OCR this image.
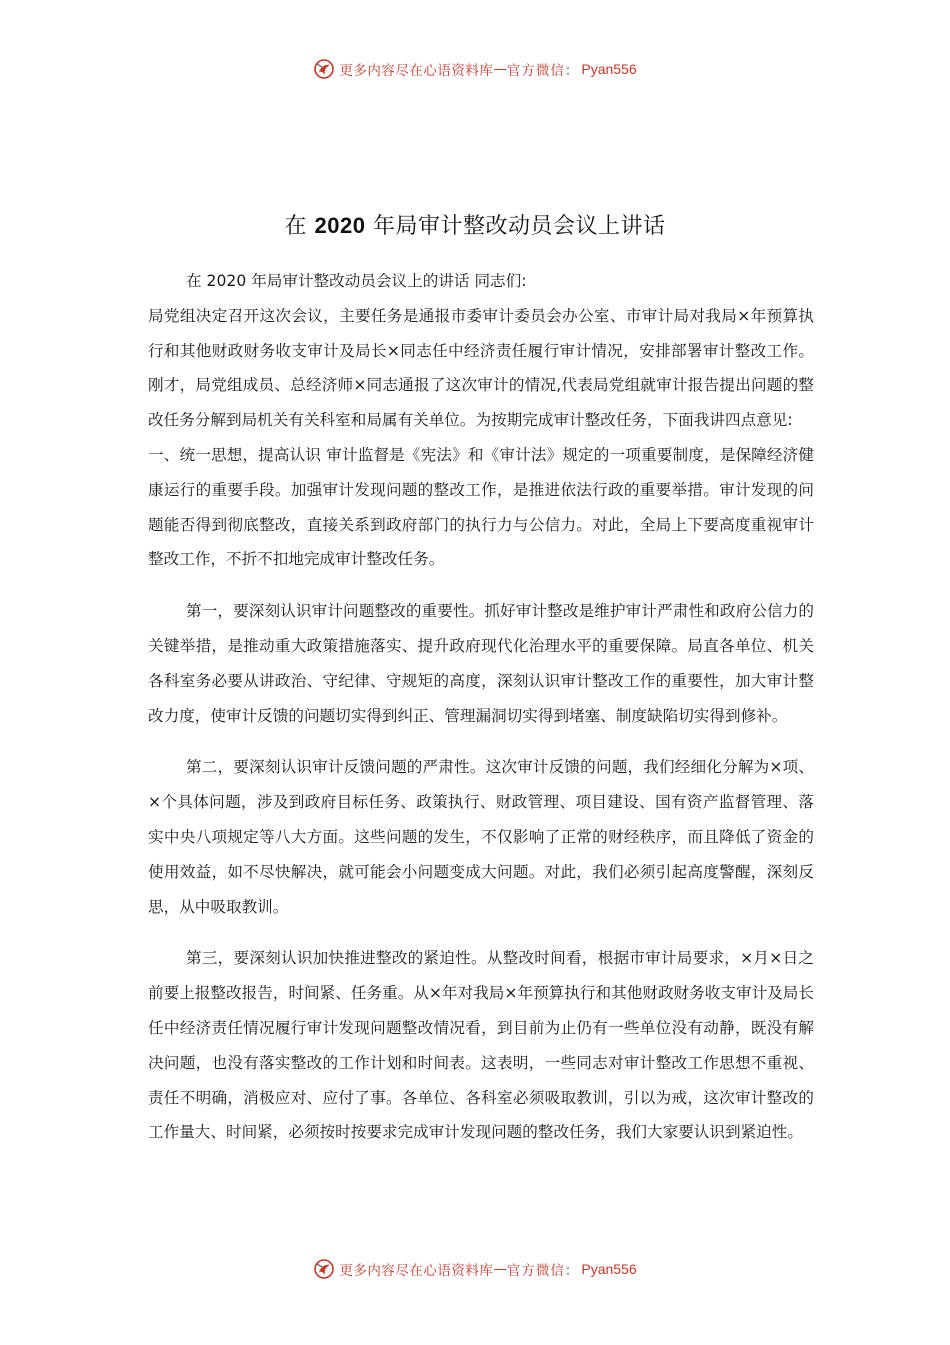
更多内容尽在心语资料库 — 官方微信： Pyan556
在 2020 年局审计整改动员会议上讲话

在 2020 年局审计整改动员会议上的讲话 同志们:

局党组决定召开这次会议，主要任务是通报市委审计委员会办公室、市审计局对我局×年预算执行和其他财政财务收支审计及局长×同志任中经济责任履行审计情况，安排部署审计整改工作。刚才，局党组成员、总经济师×同志通报了这次审计的情况,代表局党组就审计报告提出问题的整改任务分解到局机关有关科室和局属有关单位。为按期完成审计整改任务，下面我讲四点意见:

一、统一思想，提高认识 审计监督是《宪法》和《审计法》规定的一项重要制度，是保障经济健康运行的重要手段。加强审计发现问题的整改工作，是推进依法行政的重要举措。审计发现的问题能否得到彻底整改，直接关系到政府部门的执行力与公信力。对此，全局上下要高度重视审计整改工作，不折不扣地完成审计整改任务。

第一，要深刻认识审计问题整改的重要性。抓好审计整改是维护审计严肃性和政府公信力的关键举措，是推动重大政策措施落实、提升政府现代化治理水平的重要保障。局直各单位、机关各科室务必要从讲政治、守纪律、守规矩的高度，深刻认识审计整改工作的重要性，加大审计整改力度，使审计反馈的问题切实得到纠正、管理漏洞切实得到堵塞、制度缺陷切实得到修补。

第二，要深刻认识审计反馈问题的严肃性。这次审计反馈的问题，我们经细化分解为×项、×个具体问题，涉及到政府目标任务、政策执行、财政管理、项目建设、国有资产监督管理、落实中央八项规定等八大方面。这些问题的发生，不仅影响了正常的财经秩序，而且降低了资金的使用效益，如不尽快解决，就可能会小问题变成大问题。对此，我们必须引起高度警醒，深刻反思，从中吸取教训。

第三，要深刻认识加快推进整改的紧迫性。从整改时间看，根据市审计局要求，×月×日之前要上报整改报告，时间紧、任务重。从×年对我局×年预算执行和其他财政财务收支审计及局长任中经济责任情况履行审计发现问题整改情况看，到目前为止仍有一些单位没有动静，既没有解决问题，也没有落实整改的工作计划和时间表。这表明，一些同志对审计整改工作思想不重视、责任不明确，消极应对、应付了事。各单位、各科室必须吸取教训，引以为戒，这次审计整改的工作量大、时间紧，必须按时按要求完成审计发现问题的整改任务，我们大家要认识到紧迫性。

更多内容尽在心语资料库 — 官方微信： Pyan556
